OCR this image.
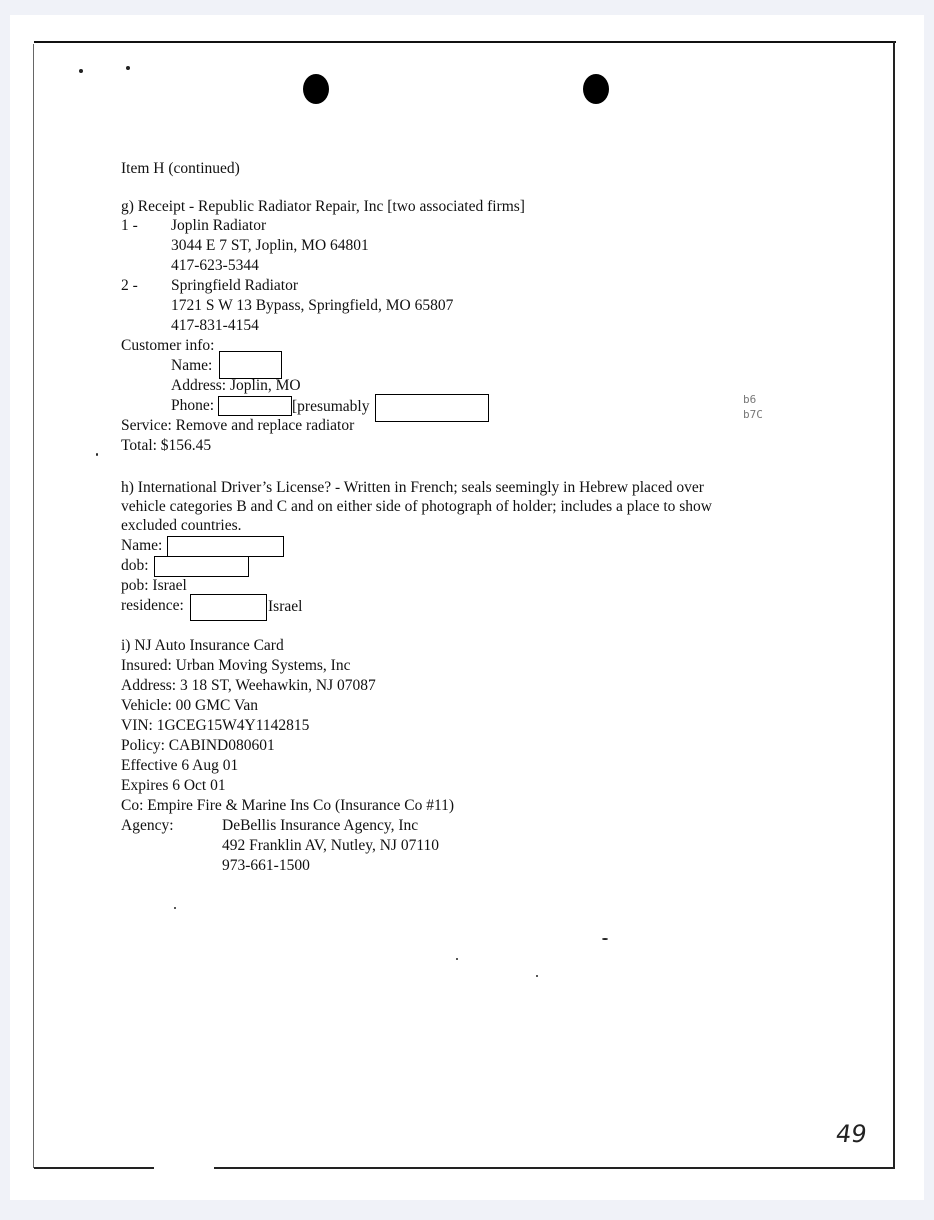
Item H (continued)
g) Receipt - Republic Radiator Repair, Inc [two associated firms]
1 - Joplin Radiator
3044 E 7 ST, Joplin, MO 64801
417-623-5344
2 - Springfield Radiator
1721 S W 13 Bypass, Springfield, MO 65807
417-831-4154
Customer info:
Name:
Address: Joplin, MO
Phone:	[presumably
Service: Remove and replace radiator
Total: $156.45
b6
b7C
h) International Driver’s License? - Written in French; seals seemingly in Hebrew placed over
vehicle categories B and C and on either side of photograph of holder; includes a place to show
excluded countries.
Name:
dob:
pob: Israel
residence:	Israel
i) NJ Auto Insurance Card
Insured: Urban Moving Systems, Inc
Address: 3 18 ST, Weehawkin, NJ 07087
Vehicle: 00 GMC Van
VIN: 1GCEG15W4Y1142815
Policy: CABIND080601
Effective 6 Aug 01
Expires 6 Oct 01
Co: Empire Fire & Marine Ins Co (Insurance Co #11)
Agency:	DeBellis Insurance Agency, Inc
492 Franklin AV, Nutley, NJ 07110
973-661-1500
49
